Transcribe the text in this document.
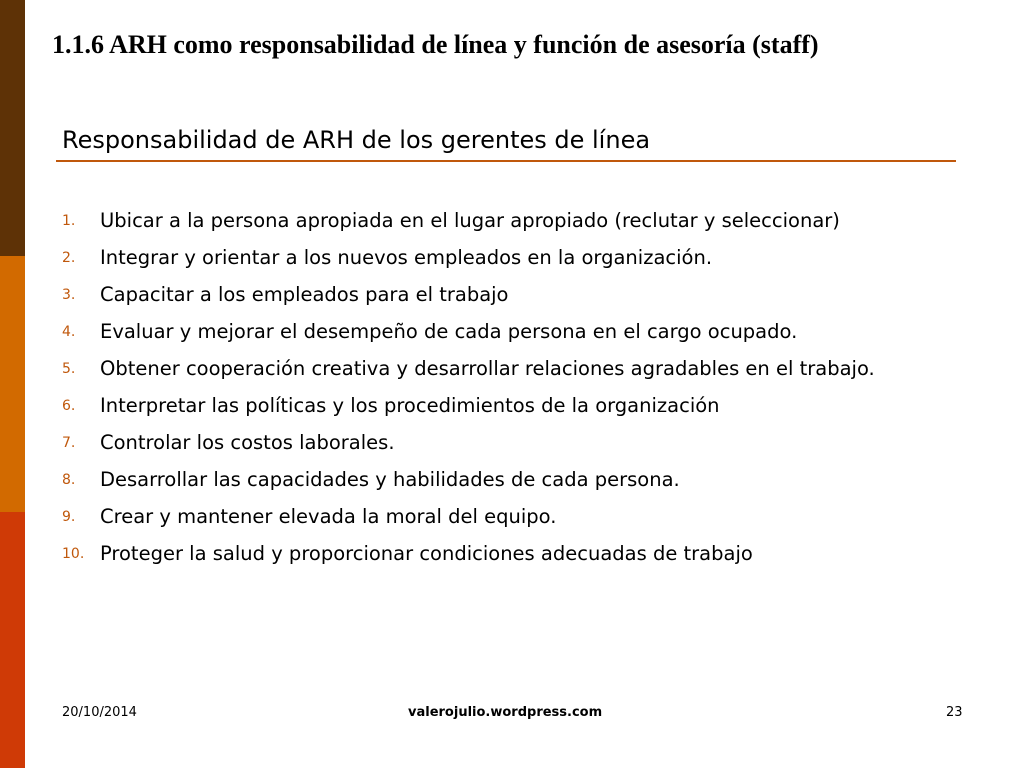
1.1.6 ARH como responsabilidad de línea y función de asesoría (staff)
Responsabilidad de ARH de los gerentes de línea
1. Ubicar a la persona apropiada en el lugar apropiado (reclutar y seleccionar)
2. Integrar y orientar a los nuevos empleados en la organización.
3. Capacitar a los empleados para el trabajo
4. Evaluar y mejorar el desempeño de cada persona en el cargo ocupado.
5. Obtener cooperación creativa y desarrollar relaciones agradables en el trabajo.
6. Interpretar las políticas y los procedimientos de la organización
7. Controlar los costos laborales.
8. Desarrollar las capacidades y habilidades de cada persona.
9. Crear y mantener elevada la moral del equipo.
10. Proteger la salud y proporcionar condiciones adecuadas de trabajo
20/10/2014	valerojulio.wordpress.com	23
